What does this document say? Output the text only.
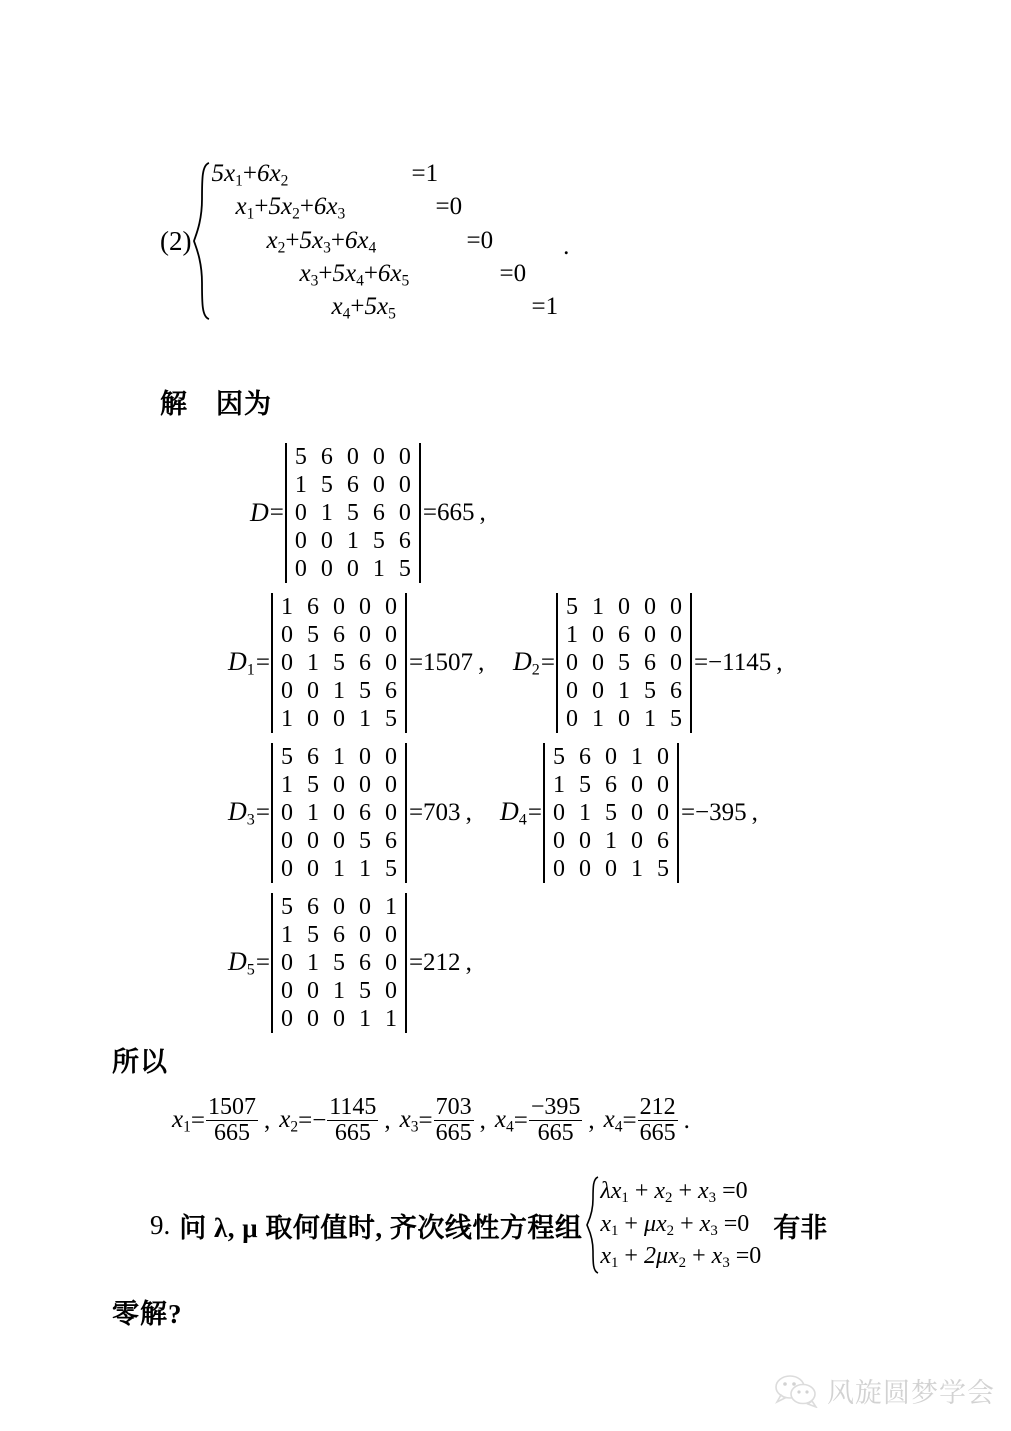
(2)
$5x_1+6x_2$	=1
$x_1+5x_2+6x_3$	=0
$x_2+5x_3+6x_4$	=0
$x_3+5x_4+6x_5$	=0
$x_4+5x_5$	=1
.
解　因为
D =
5	6	0	0	0
1	5	6	0	0
0	1	5	6	0
0	0	1	5	6
0	0	0	1	5
=665 ,
$D_1$ =
1	6	0	0	0
0	5	6	0	0
0	1	5	6	0
0	0	1	5	6
1	0	0	1	5
=1507 ,	$D_2$ =
5	1	0	0	0
1	0	6	0	0
0	0	5	6	0
0	0	1	5	6
0	1	0	1	5
=−1145 ,
$D_3$ =
5	6	1	0	0
1	5	0	0	0
0	1	0	6	0
0	0	0	5	6
0	0	1	1	5
=703 ,	$D_4$ =
5	6	0	1	0
1	5	6	0	0
0	1	5	0	0
0	0	1	0	6
0	0	0	1	5
=−395 ,
$D_5$ =
5	6	0	0	1
1	5	6	0	0
0	1	5	6	0
0	0	1	5	0
0	0	0	1	1
=212 ,
所以
$x_1 = \frac{1507}{665}$ , $x_2$ = − $\frac{1145}{665}$ , $x_3 = \frac{703}{665}$ , $x_4 = \frac{-395}{665}$ , $x_4 = \frac{212}{665}$ .
9. 问 λ, μ 取何值时, 齐次线性方程组
$\lambda x_1 + x_2 + x_3 =0$
$x_1 + \mu x_2 + x_3 =0$
$x_1 + 2\mu x_2 + x_3 =0$
有非
零解?
风旋圆梦学会
